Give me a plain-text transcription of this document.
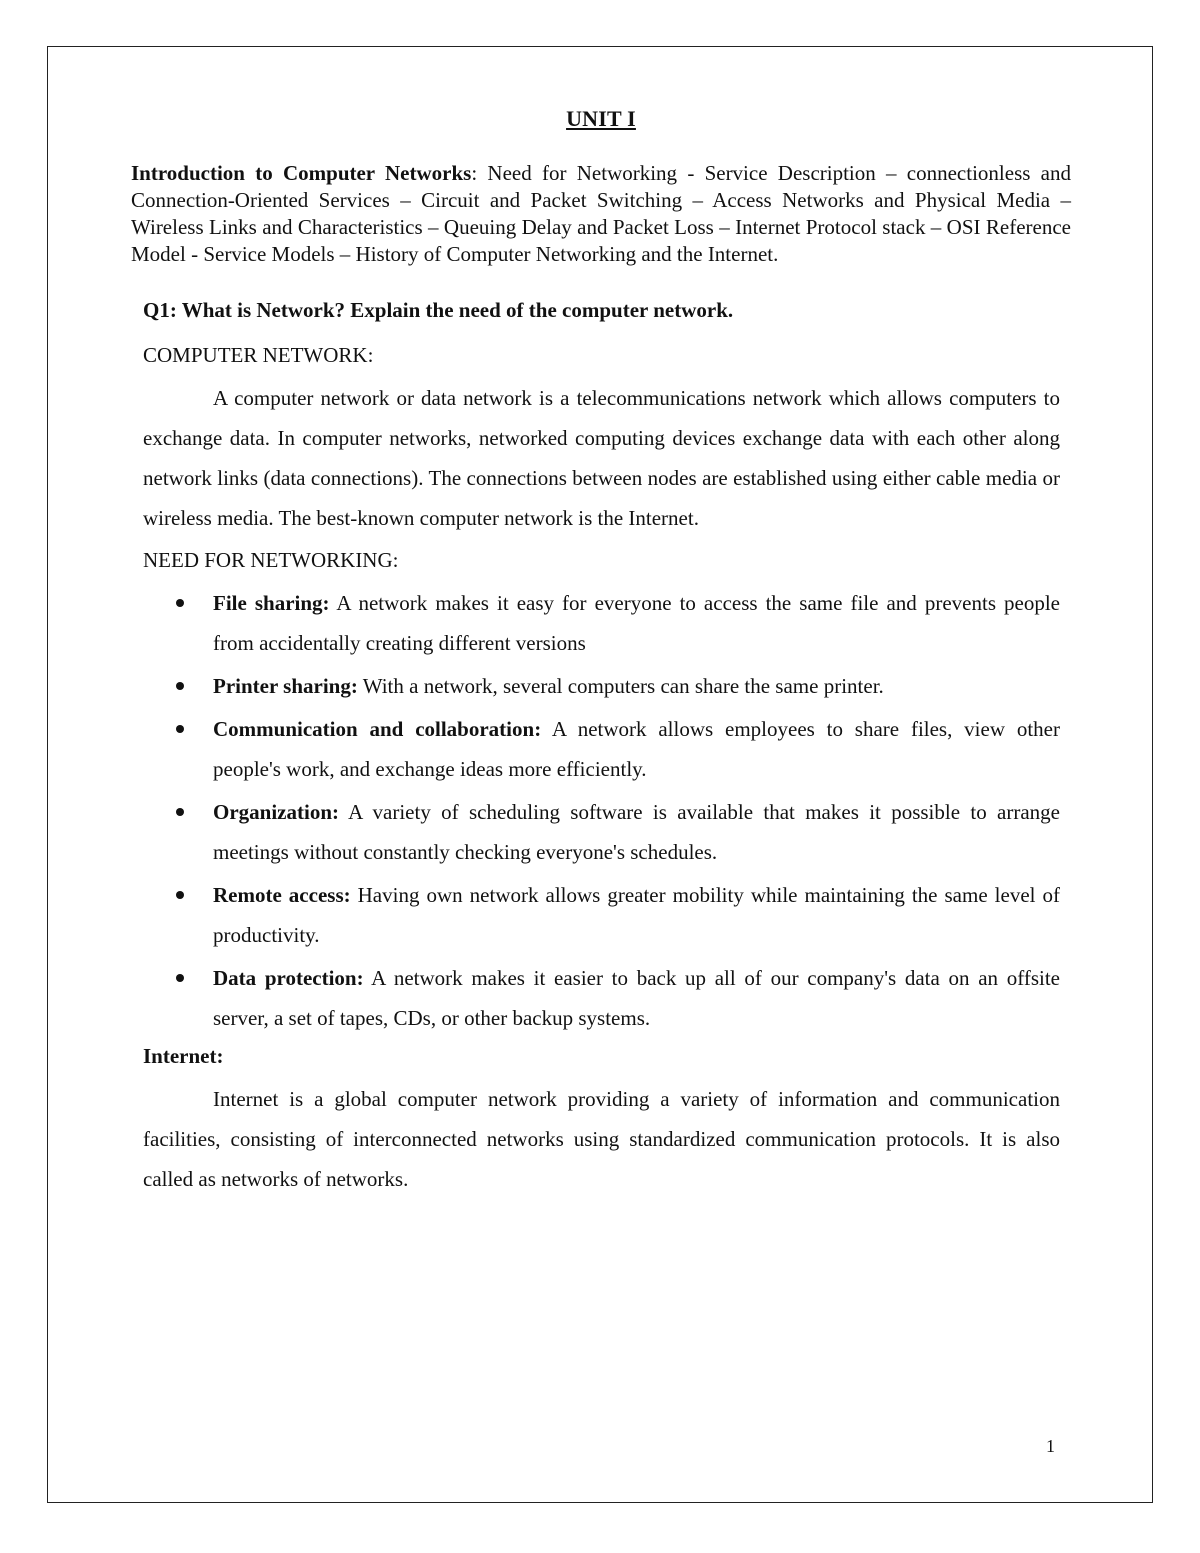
UNIT I
Introduction to Computer Networks: Need for Networking - Service Description – connectionless and Connection-Oriented Services – Circuit and Packet Switching – Access Networks and Physical Media – Wireless Links and Characteristics – Queuing Delay and Packet Loss – Internet Protocol stack – OSI Reference Model - Service Models – History of Computer Networking and the Internet.
Q1: What is Network? Explain the need of the computer network.
COMPUTER NETWORK:
A computer network or data network is a telecommunications network which allows computers to exchange data. In computer networks, networked computing devices exchange data with each other along network links (data connections). The connections between nodes are established using either cable media or wireless media. The best-known computer network is the Internet.
NEED FOR NETWORKING:
File sharing: A network makes it easy for everyone to access the same file and prevents people from accidentally creating different versions
Printer sharing: With a network, several computers can share the same printer.
Communication and collaboration: A network allows employees to share files, view other people's work, and exchange ideas more efficiently.
Organization: A variety of scheduling software is available that makes it possible to arrange meetings without constantly checking everyone's schedules.
Remote access: Having own network allows greater mobility while maintaining the same level of productivity.
Data protection: A network makes it easier to back up all of our company's data on an offsite server, a set of tapes, CDs, or other backup systems.
Internet:
Internet is a global computer network providing a variety of information and communication facilities, consisting of interconnected networks using standardized communication protocols. It is also called as networks of networks.
1
